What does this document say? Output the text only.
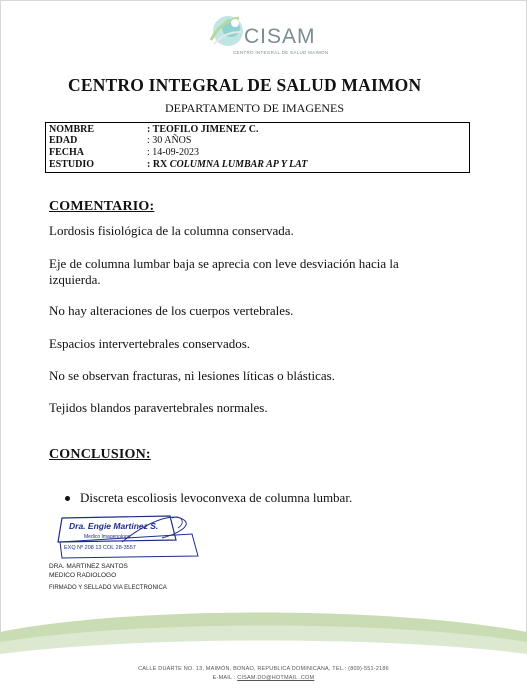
CISAM
CENTRO INTEGRAL DE SALUD MAIMON
CENTRO INTEGRAL DE SALUD MAIMON
DEPARTAMENTO DE IMAGENES
NOMBRE	: TEOFILO JIMENEZ C.
EDAD	: 30 AÑOS
FECHA	: 14-09-2023
ESTUDIO	: RX COLUMNA LUMBAR AP Y LAT
COMENTARIO:
Lordosis fisiológica de la columna conservada.
Eje de columna lumbar baja se aprecia con leve desviación hacia la izquierda.
No hay alteraciones de los cuerpos vertebrales.
Espacios intervertebrales conservados.
No se observan fracturas, ni lesiones líticas o blásticas.
Tejidos blandos paravertebrales normales.
CONCLUSION:
Discreta escoliosis levoconvexa de columna lumbar.
Dra. Engie Martinez S.
Medico Imagenologo
EXQ Nº 208 13 COL 28-3557
DRA. MARTINEZ SANTOS
MEDICO RADIOLOGO
FIRMADO Y SELLADO VIA ELECTRONICA
CALLE DUARTE NO. 13, MAIMÓN, BONAO, REPUBLICA DOMINICANA, TEL.: (809)-551-2186
E-MAIL : CISAM.DO@HOTMAIL .COM
